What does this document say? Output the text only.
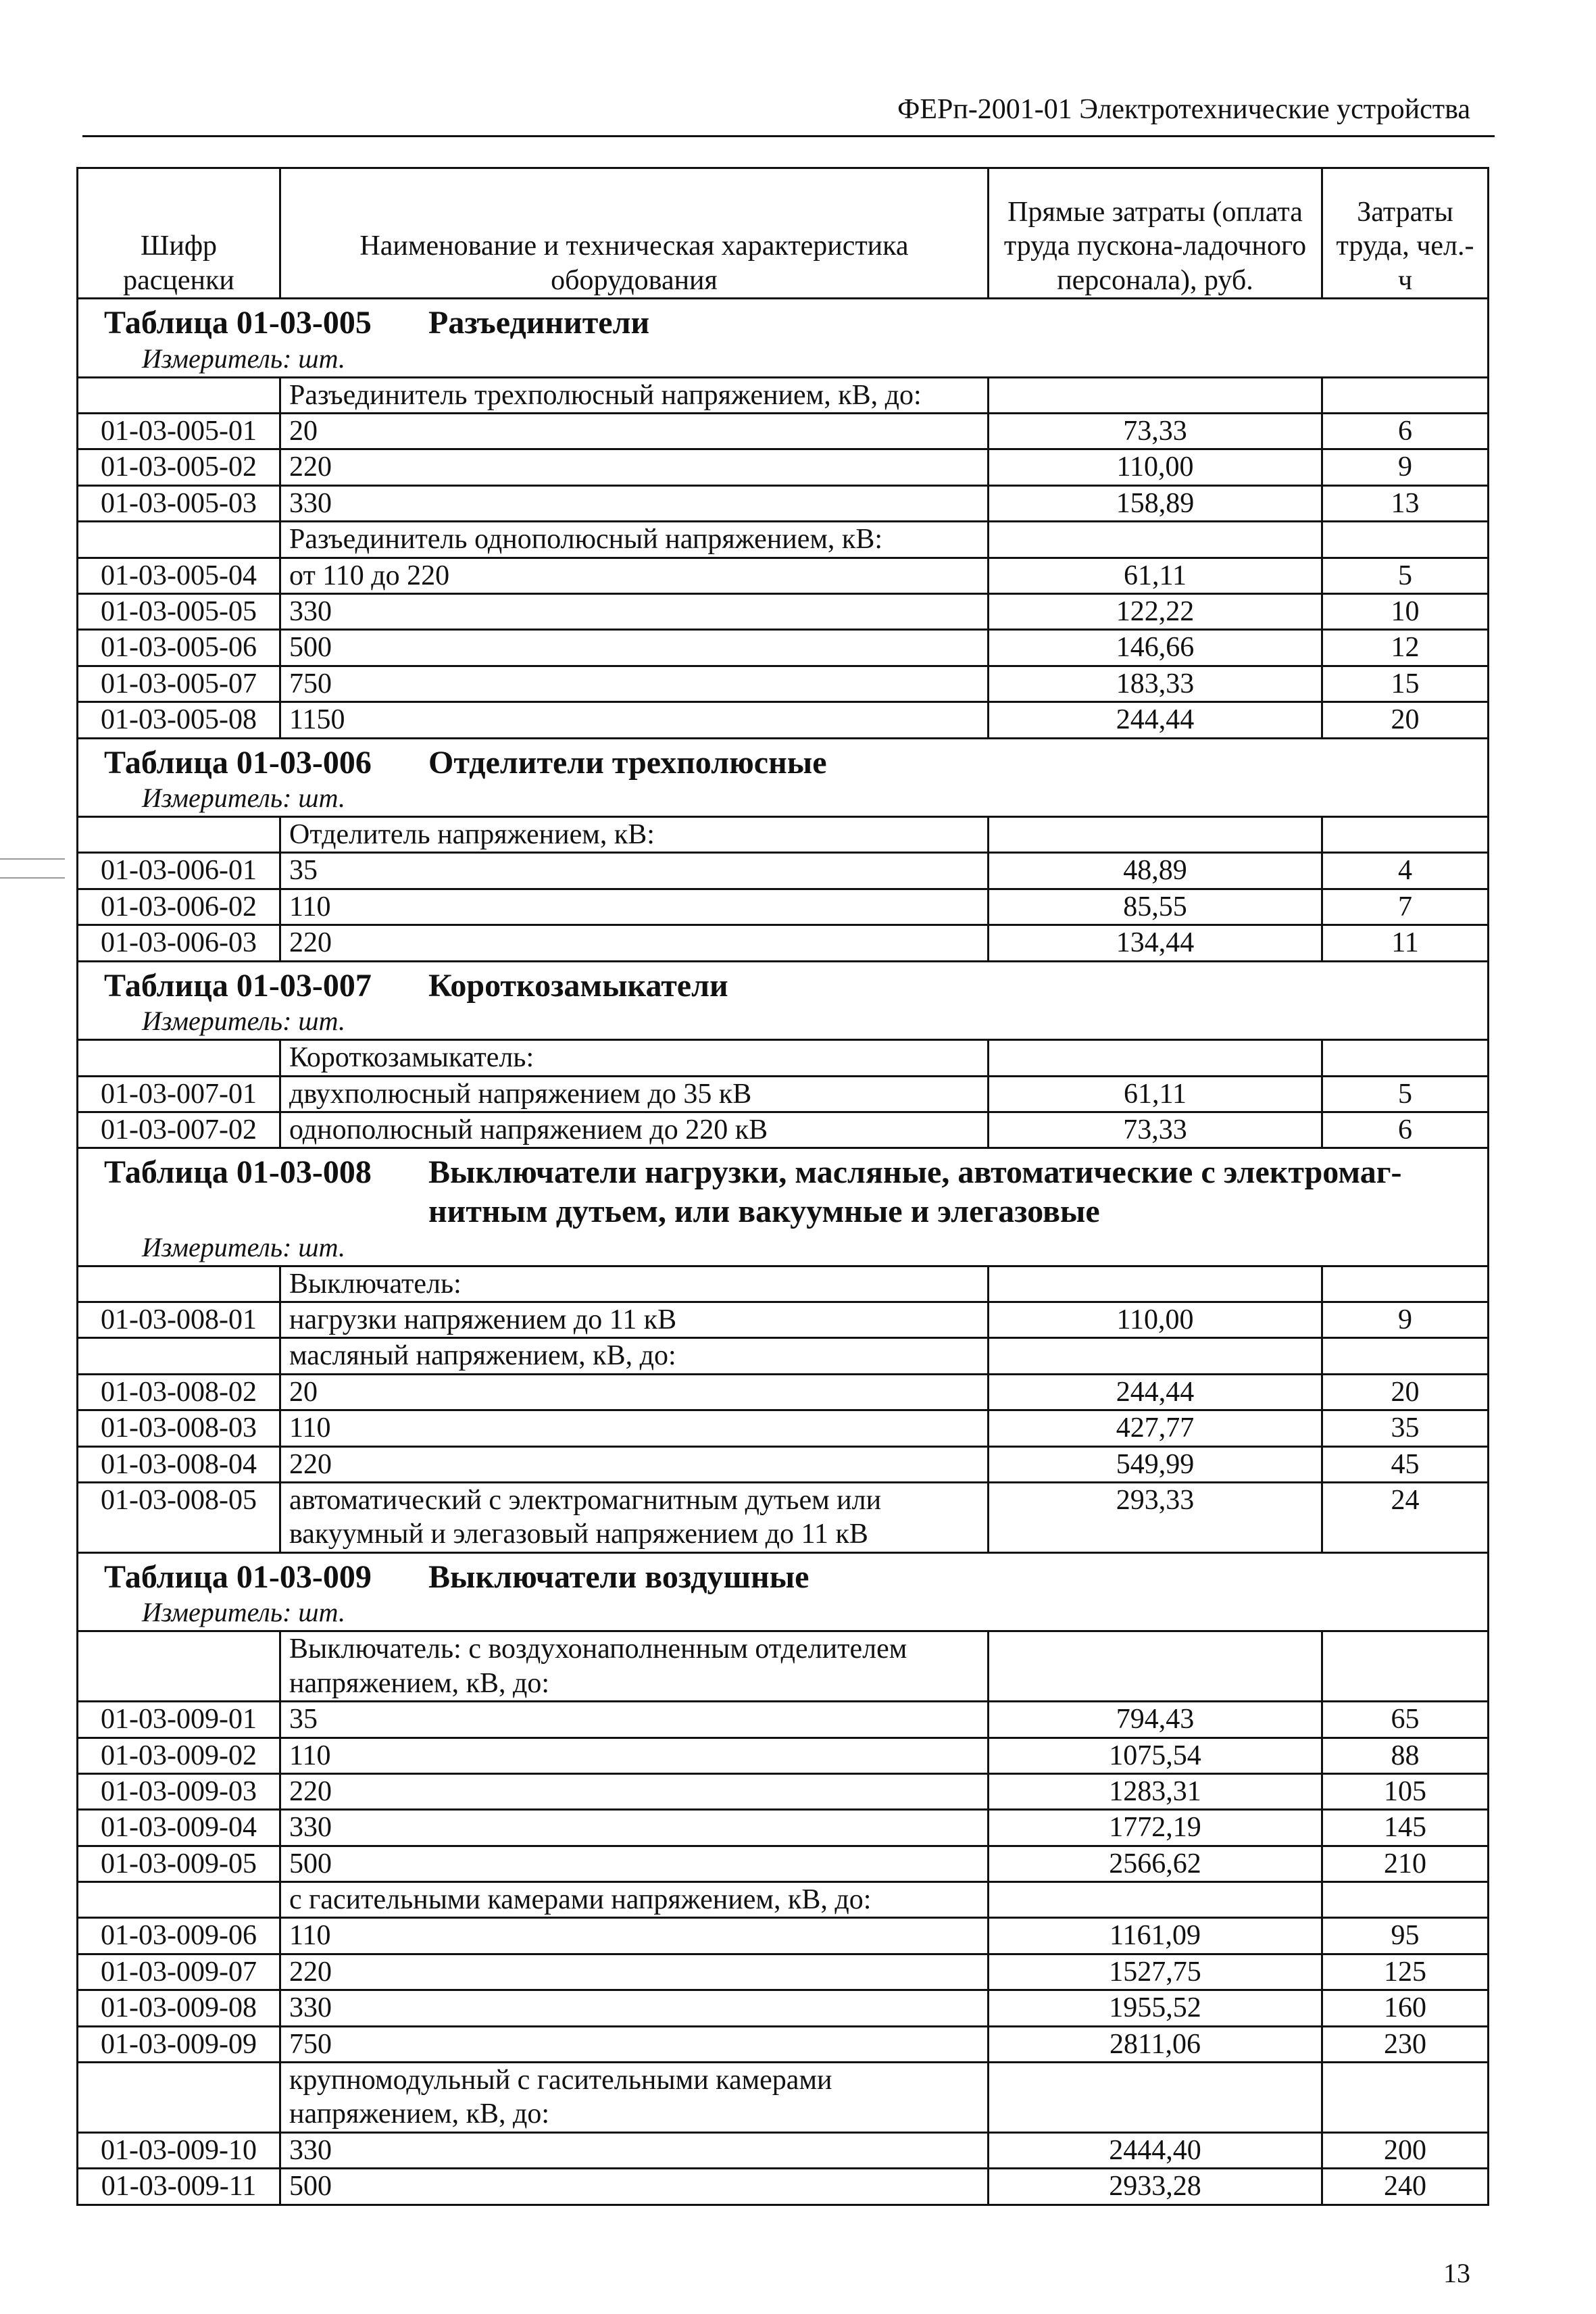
ФЕРп-2001-01 Электротехнические устройства
Шифр расценки	Наименование и техническая характеристика оборудования	Прямые затраты (оплата труда пускона-ладочного персонала), руб.	Затраты труда, чел.-ч

Таблица 01-03-005 Разъединители
Измеритель: шт.			

	Разъединитель трехполюсный напряжением, кВ, до:		
01-03-005-01	20	73,33	6
01-03-005-02	220	110,00	9
01-03-005-03	330	158,89	13
	Разъединитель однополюсный напряжением, кВ:		
01-03-005-04	от 110 до 220	61,11	5
01-03-005-05	330	122,22	10
01-03-005-06	500	146,66	12
01-03-005-07	750	183,33	15
01-03-005-08	1150	244,44	20

Таблица 01-03-006 Отделители трехполюсные
Измеритель: шт.			

	Отделитель напряжением, кВ:		
01-03-006-01	35	48,89	4
01-03-006-02	110	85,55	7
01-03-006-03	220	134,44	11

Таблица 01-03-007 Короткозамыкатели
Измеритель: шт.			

	Короткозамыкатель:		
01-03-007-01	двухполюсный напряжением до 35 кВ	61,11	5
01-03-007-02	однополюсный напряжением до 220 кВ	73,33	6

Таблица 01-03-008 Выключатели нагрузки, масляные, автоматические с электромаг-нитным дутьем, или вакуумные и элегазовые
Измеритель: шт.			

	Выключатель:		
01-03-008-01	нагрузки напряжением до 11 кВ	110,00	9
	масляный напряжением, кВ, до:		
01-03-008-02	20	244,44	20
01-03-008-03	110	427,77	35
01-03-008-04	220	549,99	45
01-03-008-05	автоматический с электромагнитным дутьем или вакуумный и элегазовый напряжением до 11 кВ	293,33	24

Таблица 01-03-009 Выключатели воздушные
Измеритель: шт.			

	Выключатель: с воздухонаполненным отделителем напряжением, кВ, до:		
01-03-009-01	35	794,43	65
01-03-009-02	110	1075,54	88
01-03-009-03	220	1283,31	105
01-03-009-04	330	1772,19	145
01-03-009-05	500	2566,62	210
	с гасительными камерами напряжением, кВ, до:		
01-03-009-06	110	1161,09	95
01-03-009-07	220	1527,75	125
01-03-009-08	330	1955,52	160
01-03-009-09	750	2811,06	230
	крупномодульный с гасительными камерами напряжением, кВ, до:		
01-03-009-10	330	2444,40	200
01-03-009-11	500	2933,28	240
13
